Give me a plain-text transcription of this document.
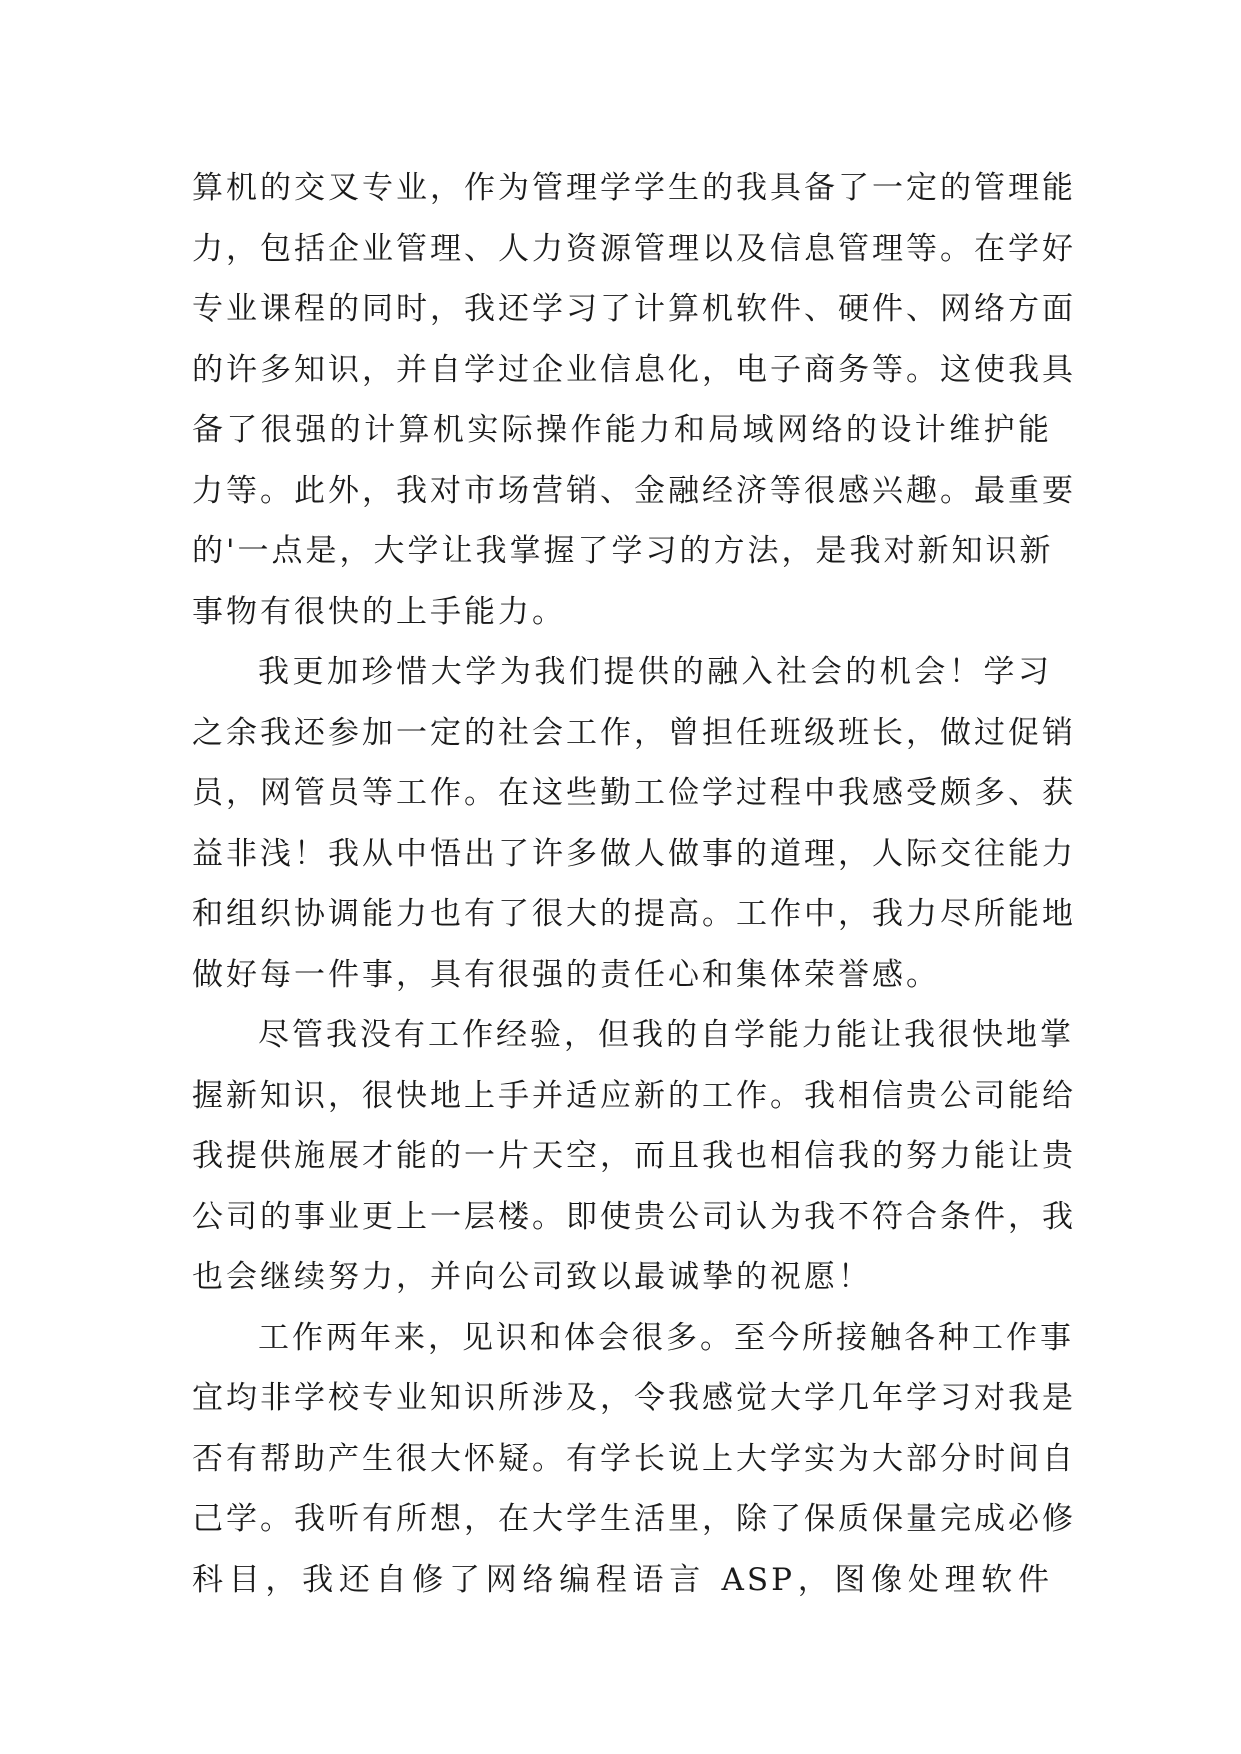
算机的交叉专业，作为管理学学生的我具备了一定的管理能
力，包括企业管理、人力资源管理以及信息管理等。在学好
专业课程的同时，我还学习了计算机软件、硬件、网络方面
的许多知识，并自学过企业信息化，电子商务等。这使我具
备了很强的计算机实际操作能力和局域网络的设计维护能
力等。此外，我对市场营销、金融经济等很感兴趣。最重要
的'一点是，大学让我掌握了学习的方法，是我对新知识新
事物有很快的上手能力。
我更加珍惜大学为我们提供的融入社会的机会！学习
之余我还参加一定的社会工作，曾担任班级班长，做过促销
员，网管员等工作。在这些勤工俭学过程中我感受颇多、获
益非浅！我从中悟出了许多做人做事的道理，人际交往能力
和组织协调能力也有了很大的提高。工作中，我力尽所能地
做好每一件事，具有很强的责任心和集体荣誉感。
尽管我没有工作经验，但我的自学能力能让我很快地掌
握新知识，很快地上手并适应新的工作。我相信贵公司能给
我提供施展才能的一片天空，而且我也相信我的努力能让贵
公司的事业更上一层楼。即使贵公司认为我不符合条件，我
也会继续努力，并向公司致以最诚挚的祝愿！
工作两年来，见识和体会很多。至今所接触各种工作事
宜均非学校专业知识所涉及，令我感觉大学几年学习对我是
否有帮助产生很大怀疑。有学长说上大学实为大部分时间自
己学。我听有所想，在大学生活里，除了保质保量完成必修
科目，我还自修了网络编程语言 ASP，图像处理软件
